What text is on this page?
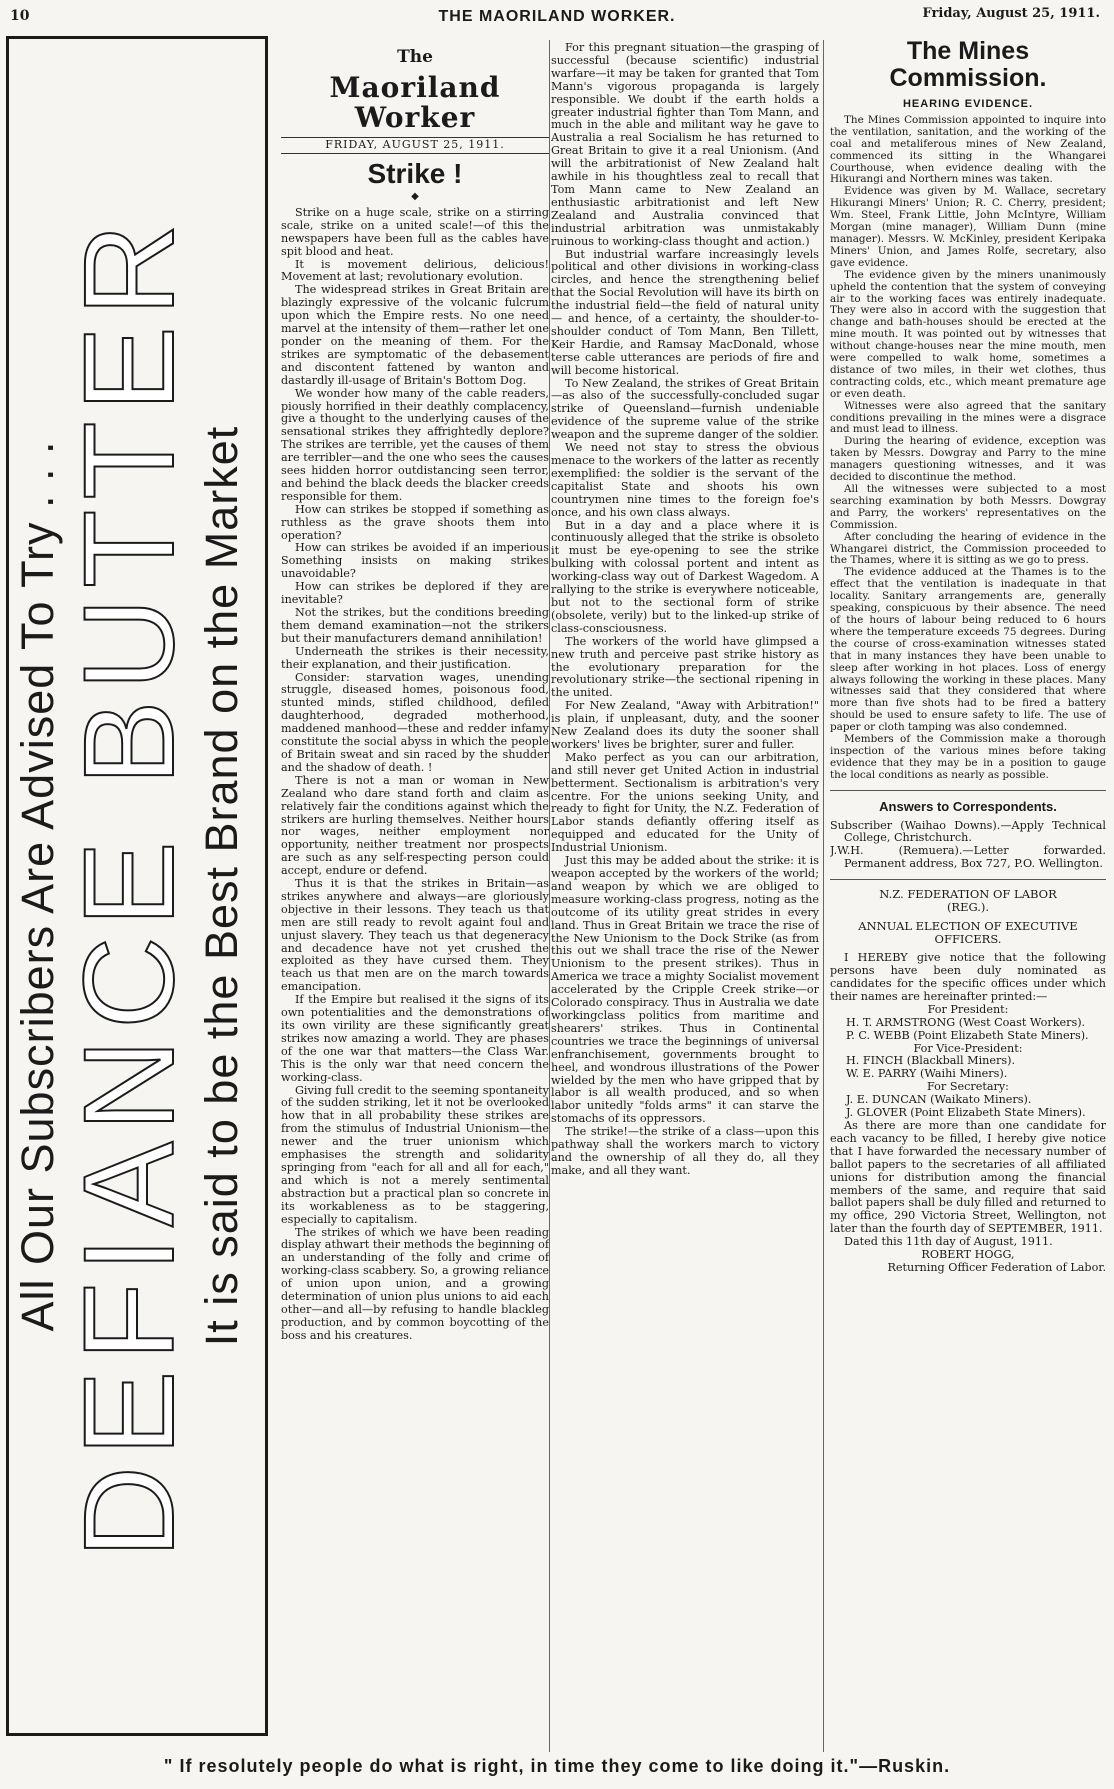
10	THE MAORILAND WORKER.	Friday, August 25, 1911.
All Our Subscribers Are Advised To Try . . .
DEFIANCE BUTTER
It is said to be the Best Brand on the Market
The
Maoriland Worker
FRIDAY, AUGUST 25, 1911.
Strike !
◆

Strike on a huge scale, strike on a stirring scale, strike on a united scale!—of this the newspapers have been full as the cables have spit blood and heat.

It is movement delirious, delicious! Movement at last; revolutionary evolution.

The widespread strikes in Great Britain are blazingly expressive of the volcanic fulcrum upon which the Empire rests. No one need marvel at the intensity of them—rather let one ponder on the meaning of them. For the strikes are symptomatic of the debasement and discontent fattened by wanton and dastardly ill-usage of Britain's Bottom Dog.

We wonder how many of the cable readers, piously horrified in their deathly complacency, give a thought to the underlying causes of the sensational strikes they affrightedly deplore? The strikes are terrible, yet the causes of them are terribler—and the one who sees the causes sees hidden horror outdistancing seen terror, and behind the black deeds the blacker creeds responsible for them.

How can strikes be stopped if something as ruthless as the grave shoots them into operation?

How can strikes be avoided if an imperious Something insists on making strikes unavoidable?

How can strikes be deplored if they are inevitable?

Not the strikes, but the conditions breeding them demand examination—not the strikers but their manufacturers demand annihilation!

Underneath the strikes is their necessity, their explanation, and their justification.

Consider: starvation wages, unending struggle, diseased homes, poisonous food, stunted minds, stifled childhood, defiled daughterhood, degraded motherhood, maddened manhood—these and redder infamy constitute the social abyss in which the people of Britain sweat and sin raced by the shudder and the shadow of death. !

There is not a man or woman in New Zealand who dare stand forth and claim as relatively fair the conditions against which the strikers are hurling themselves. Neither hours nor wages, neither employment nor opportunity, neither treatment nor prospects are such as any self-respecting person could accept, endure or defend.

Thus it is that the strikes in Britain—as strikes anywhere and always—are gloriously objective in their lessons. They teach us that men are still ready to revolt againt foul and unjust slavery. They teach us that degeneracy and decadence have not yet crushed the exploited as they have cursed them. They teach us that men are on the march towards emancipation.

If the Empire but realised it the signs of its own potentialities and the demonstrations of its own virility are these significantly great strikes now amazing a world. They are phases of the one war that matters—the Class War. This is the only war that need concern the working-class.

Giving full credit to the seeming spontaneity of the sudden striking, let it not be overlooked how that in all probability these strikes are from the stimulus of Industrial Unionism—the newer and the truer unionism which emphasises the strength and solidarity springing from "each for all and all for each," and which is not a merely sentimental abstraction but a practical plan so concrete in its workableness as to be staggering, especially to capitalism.

The strikes of which we have been reading display athwart their methods the beginning of an understanding of the folly and crime of working-class scabbery. So, a growing reliance of union upon union, and a growing determination of union plus unions to aid each other—and all—by refusing to handle blackleg production, and by common boycotting of the boss and his creatures.

For this pregnant situation—the grasping of successful (because scientific) industrial warfare—it may be taken for granted that Tom Mann's vigorous propaganda is largely responsible. We doubt if the earth holds a greater industrial fighter than Tom Mann, and much in the able and militant way he gave to Australia a real Socialism he has returned to Great Britain to give it a real Unionism. (And will the arbitrationist of New Zealand halt awhile in his thoughtless zeal to recall that Tom Mann came to New Zealand an enthusiastic arbitrationist and left New Zealand and Australia convinced that industrial arbitration was unmistakably ruinous to working-class thought and action.)

But industrial warfare increasingly levels political and other divisions in working-class circles, and hence the strengthening belief that the Social Revolution will have its birth on the industrial field—the field of natural unity — and hence, of a certainty, the shoulder-to-shoulder conduct of Tom Mann, Ben Tillett, Keir Hardie, and Ramsay MacDonald, whose terse cable utterances are periods of fire and will become historical.

To New Zealand, the strikes of Great Britain—as also of the successfully-concluded sugar strike of Queensland—furnish undeniable evidence of the supreme value of the strike weapon and the supreme danger of the soldier.

We need not stay to stress the obvious menace to the workers of the latter as recently exemplified: the soldier is the servant of the capitalist State and shoots his own countrymen nine times to the foreign foe's once, and his own class always.

But in a day and a place where it is continuously alleged that the strike is obsoleto it must be eye-opening to see the strike bulking with colossal portent and intent as working-class way out of Darkest Wagedom. A rallying to the strike is everywhere noticeable, but not to the sectional form of strike (obsolete, verily) but to the linked-up strike of class-consciousness.

The workers of the world have glimpsed a new truth and perceive past strike history as the evolutionary preparation for the revolutionary strike—the sectional ripening in the united.

For New Zealand, "Away with Arbitration!" is plain, if unpleasant, duty, and the sooner New Zealand does its duty the sooner shall workers' lives be brighter, surer and fuller.

Mako perfect as you can our arbitration, and still never get United Action in industrial betterment. Sectionalism is arbitration's very centre. For the unions seeking Unity, and ready to fight for Unity, the N.Z. Federation of Labor stands defiantly offering itself as equipped and educated for the Unity of Industrial Unionism.

Just this may be added about the strike: it is weapon accepted by the workers of the world; and weapon by which we are obliged to measure working-class progress, noting as the outcome of its utility great strides in every land. Thus in Great Britain we trace the rise of the New Unionism to the Dock Strike (as from this out we shall trace the rise of the Newer Unionism to the present strikes). Thus in America we trace a mighty Socialist movement accelerated by the Cripple Creek strike—or Colorado conspiracy. Thus in Australia we date workingclass politics from maritime and shearers' strikes. Thus in Continental countries we trace the beginnings of universal enfranchisement, governments brought to heel, and wondrous illustrations of the Power wielded by the men who have gripped that by labor is all wealth produced, and so when labor unitedly "folds arms" it can starve the stomachs of its oppressors.

The strike!—the strike of a class—upon this pathway shall the workers march to victory and the ownership of all they do, all they make, and all they want.

The Mines Commission.
HEARING EVIDENCE.

The Mines Commission appointed to inquire into the ventilation, sanitation, and the working of the coal and metaliferous mines of New Zealand, commenced its sitting in the Whangarei Courthouse, when evidence dealing with the Hikurangi and Northern mines was taken.

Evidence was given by M. Wallace, secretary Hikurangi Miners' Union; R. C. Cherry, president; Wm. Steel, Frank Little, John McIntyre, William Morgan (mine manager), William Dunn (mine manager). Messrs. W. McKinley, president Keripaka Miners' Union, and James Rolfe, secretary, also gave evidence.

The evidence given by the miners unanimously upheld the contention that the system of conveying air to the working faces was entirely inadequate. They were also in accord with the suggestion that change and bath-houses should be erected at the mine mouth. It was pointed out by witnesses that without change-houses near the mine mouth, men were compelled to walk home, sometimes a distance of two miles, in their wet clothes, thus contracting colds, etc., which meant premature age or even death.

Witnesses were also agreed that the sanitary conditions prevailing in the mines were a disgrace and must lead to illness.

During the hearing of evidence, exception was taken by Messrs. Dowgray and Parry to the mine managers questioning witnesses, and it was decided to discontinue the method.

All the witnesses were subjected to a most searching examination by both Messrs. Dowgray and Parry, the workers' representatives on the Commission.

After concluding the hearing of evidence in the Whangarei district, the Commission proceeded to the Thames, where it is sitting as we go to press.

The evidence adduced at the Thames is to the effect that the ventilation is inadequate in that locality. Sanitary arrangements are, generally speaking, conspicuous by their absence. The need of the hours of labour being reduced to 6 hours where the temperature exceeds 75 degrees. During the course of cross-examination witnesses stated that in many instances they have been unable to sleep after working in hot places. Loss of energy always following the working in these places. Many witnesses said that they considered that where more than five shots had to be fired a battery should be used to ensure safety to life. The use of paper or cloth tamping was also condemned.

Members of the Commission make a thorough inspection of the various mines before taking evidence that they may be in a position to gauge the local conditions as nearly as possible.

Answers to Correspondents.

Subscriber (Waihao Downs).—Apply Technical College, Christchurch.

J.W.H. (Remuera).—Letter forwarded. Permanent address, Box 727, P.O. Wellington.

N.Z. FEDERATION OF LABOR

(REG.).

ANNUAL ELECTION OF EXECUTIVE OFFICERS.

I HEREBY give notice that the following persons have been duly nominated as candidates for the specific offices under which their names are hereinafter printed:—

For President:

H. T. ARMSTRONG (West Coast Workers).

P. C. WEBB (Point Elizabeth State Miners).

For Vice-President:

H. FINCH (Blackball Miners).

W. E. PARRY (Waihi Miners).

For Secretary:

J. E. DUNCAN (Waikato Miners).

J. GLOVER (Point Elizabeth State Miners).

As there are more than one candidate for each vacancy to be filled, I hereby give notice that I have forwarded the necessary number of ballot papers to the secretaries of all affiliated unions for distribution among the financial members of the same, and require that said ballot papers shall be duly filled and returned to my office, 290 Victoria Street, Wellington, not later than the fourth day of SEPTEMBER, 1911.

Dated this 11th day of August, 1911.

ROBERT HOGG,

Returning Officer Federation of Labor.

" If resolutely people do what is right, in time they come to like doing it."—Ruskin.
